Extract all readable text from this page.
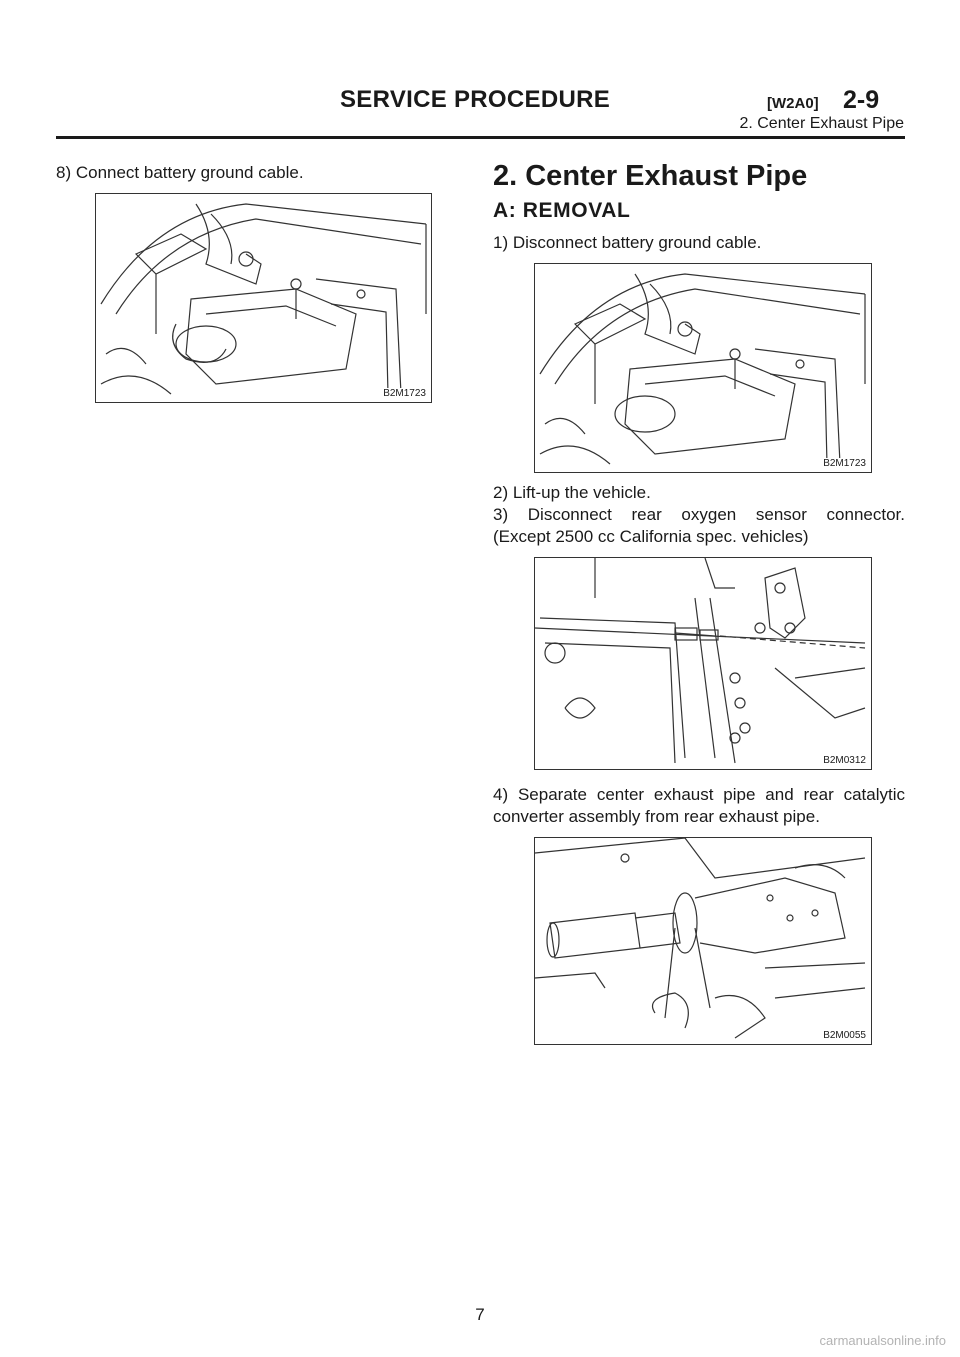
SERVICE PROCEDURE	[W2A0] 2-9
2. Center Exhaust Pipe
8) Connect battery ground cable.
B2M1723
2. Center Exhaust Pipe
A: REMOVAL
1) Disconnect battery ground cable.
B2M1723
2) Lift-up the vehicle.
3) Disconnect rear oxygen sensor connector.
(Except 2500 cc California spec. vehicles)
B2M0312
4) Separate center exhaust pipe and rear catalytic
converter assembly from rear exhaust pipe.
B2M0055
7
carmanualsonline.info
